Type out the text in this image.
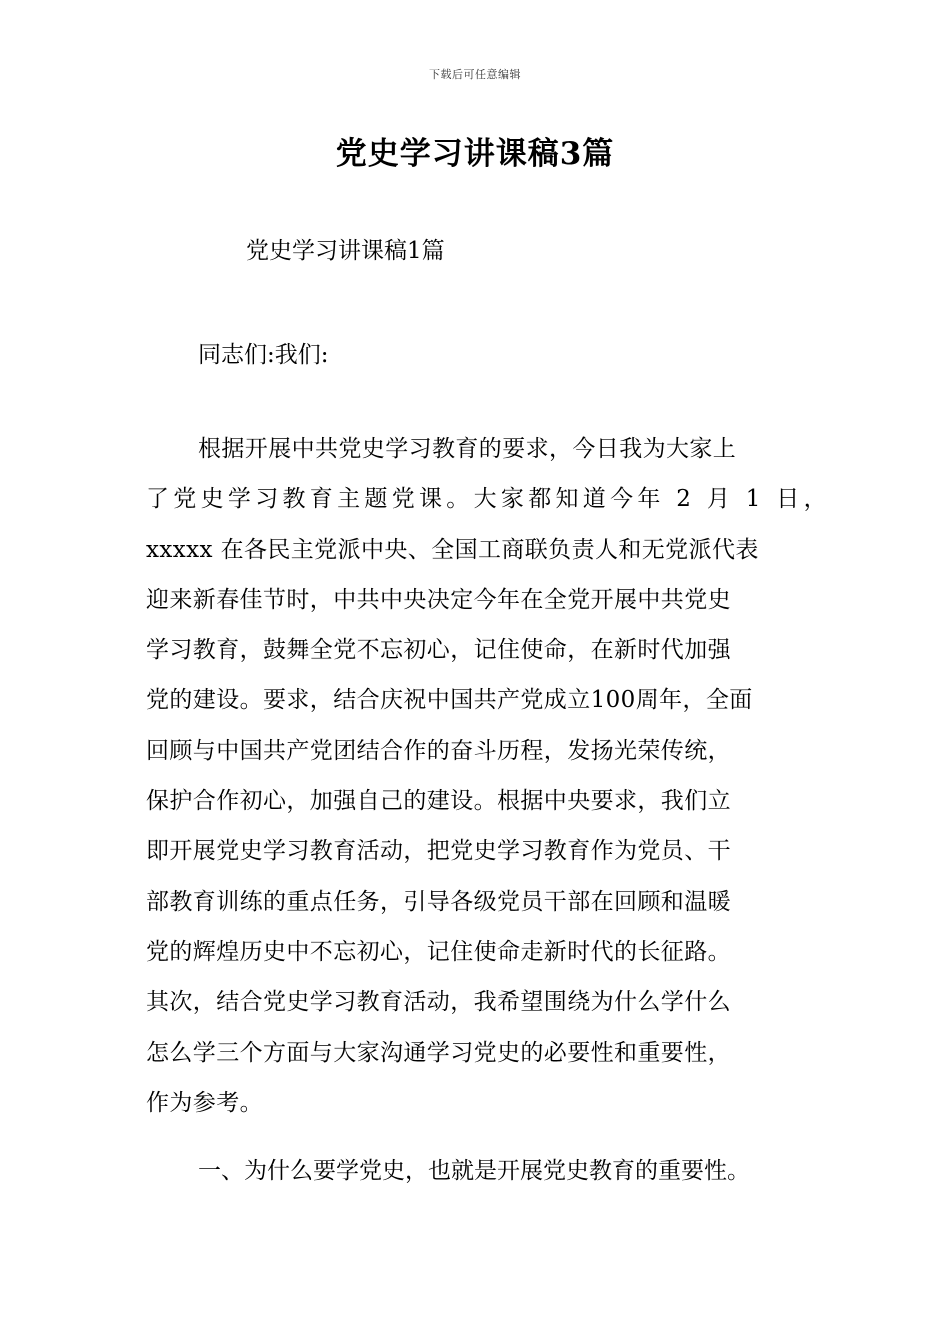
下载后可任意编辑
党史学习讲课稿3篇

党史学习讲课稿1篇

同志们:我们:

根据开展中共党史学习教育的要求，今日我为大家上
了党史学习教育主题党课。大家都知道今年 2 月 1 日，
xxxxx 在各民主党派中央、全国工商联负责人和无党派代表
迎来新春佳节时，中共中央决定今年在全党开展中共党史
学习教育，鼓舞全党不忘初心，记住使命，在新时代加强
党的建设。要求，结合庆祝中国共产党成立100周年，全面
回顾与中国共产党团结合作的奋斗历程，发扬光荣传统，
保护合作初心，加强自己的建设。根据中央要求，我们立
即开展党史学习教育活动，把党史学习教育作为党员、干
部教育训练的重点任务，引导各级党员干部在回顾和温暖
党的辉煌历史中不忘初心，记住使命走新时代的长征路。
其次，结合党史学习教育活动，我希望围绕为什么学什么
怎么学三个方面与大家沟通学习党史的必要性和重要性，
作为参考。

一、为什么要学党史，也就是开展党史教育的重要性。
